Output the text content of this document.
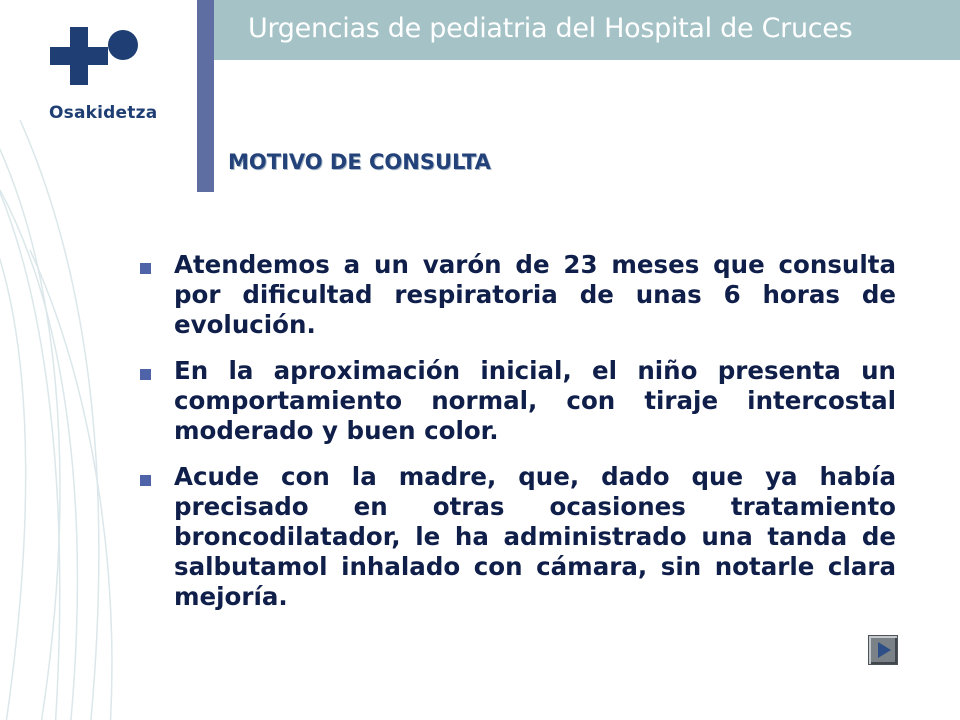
Osakidetza
Urgencias de pediatria del Hospital de Cruces
MOTIVO DE CONSULTA
Atendemos a un varón de 23 meses que consulta por dificultad respiratoria de unas 6 horas de evolución.
En la aproximación inicial, el niño presenta un comportamiento normal, con tiraje intercostal moderado y buen color.
Acude con la madre, que, dado que ya había precisado en otras ocasiones tratamiento broncodilatador, le ha administrado una tanda de salbutamol inhalado con cámara, sin notarle clara mejoría.
